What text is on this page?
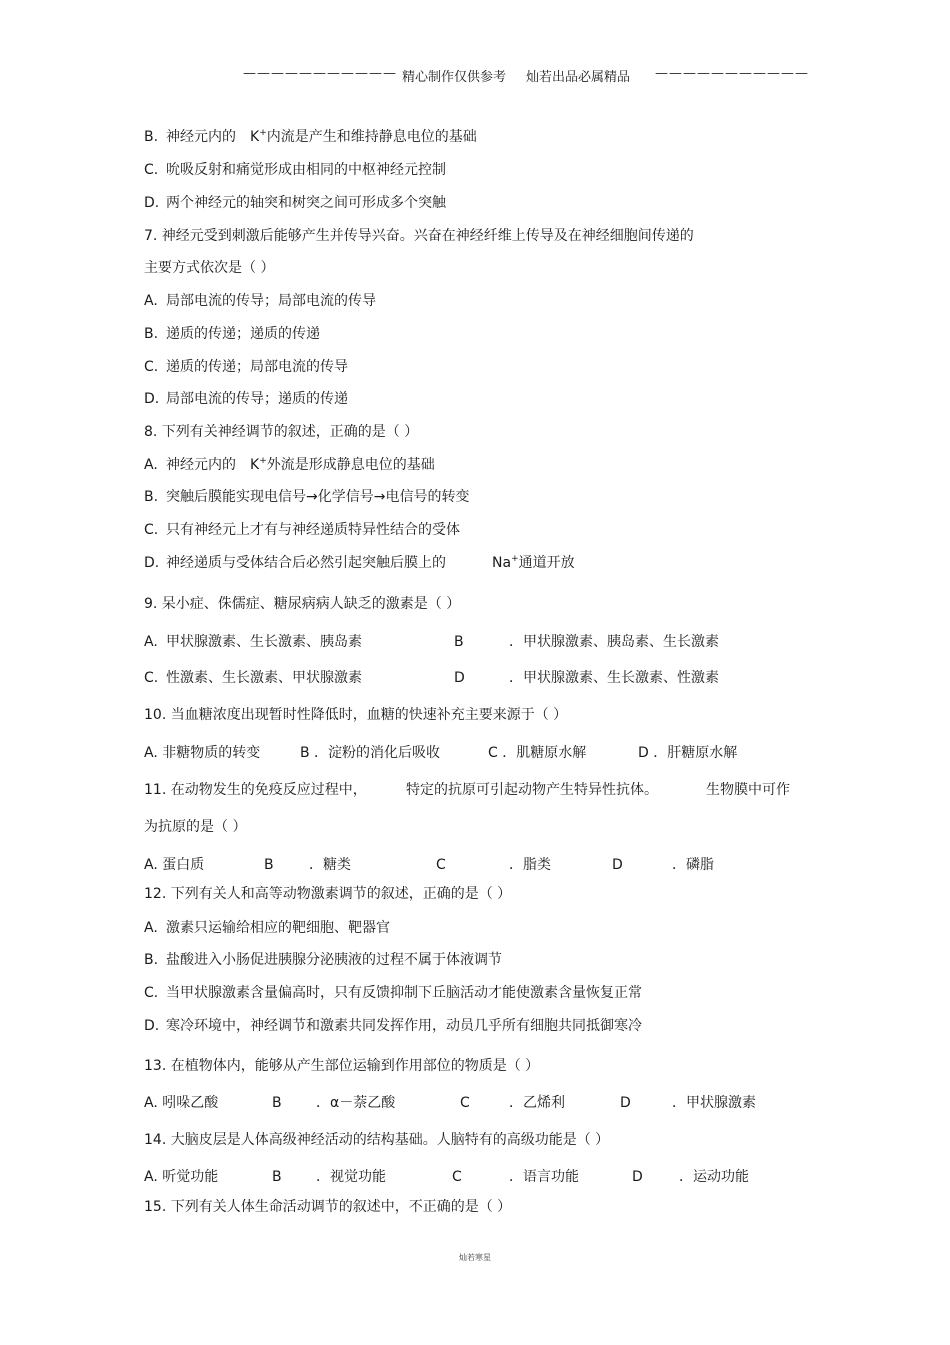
——————————— 精心制作仅供参考 灿若出品必属精品 ———————————
B. 神经元内的 K+内流是产生和维持静息电位的基础
C. 吮吸反射和痛觉形成由相同的中枢神经元控制
D. 两个神经元的轴突和树突之间可形成多个突触
7. 神经元受到刺激后能够产生并传导兴奋。兴奋在神经纤维上传导及在神经细胞间传递的
主要方式依次是（ ）
A. 局部电流的传导；局部电流的传导
B. 递质的传递；递质的传递
C. 递质的传递；局部电流的传导
D. 局部电流的传导；递质的传递
8. 下列有关神经调节的叙述，正确的是（ ）
A. 神经元内的 K+外流是形成静息电位的基础
B. 突触后膜能实现电信号→化学信号→电信号的转变
C. 只有神经元上才有与神经递质特异性结合的受体
D. 神经递质与受体结合后必然引起突触后膜上的	Na+通道开放
9. 呆小症、侏儒症、糖尿病病人缺乏的激素是（ ）
A. 甲状腺激素、生长激素、胰岛素	B	．甲状腺激素、胰岛素、生长激素
C. 性激素、生长激素、甲状腺激素	D	．甲状腺激素、生长激素、性激素
10. 当血糖浓度出现暂时性降低时，血糖的快速补充主要来源于（ ）
A. 非糖物质的转变	B ．淀粉的消化后吸收	C ．肌糖原水解	D ．肝糖原水解
11. 在动物发生的免疫反应过程中，	特定的抗原可引起动物产生特异性抗体。	生物膜中可作
为抗原的是（ ）
A. 蛋白质	B	．糖类	C	．脂类	D	．磷脂
12. 下列有关人和高等动物激素调节的叙述，正确的是（ ）
A. 激素只运输给相应的靶细胞、靶器官
B. 盐酸进入小肠促进胰腺分泌胰液的过程不属于体液调节
C. 当甲状腺激素含量偏高时，只有反馈抑制下丘脑活动才能使激素含量恢复正常
D. 寒冷环境中，神经调节和激素共同发挥作用，动员几乎所有细胞共同抵御寒冷
13. 在植物体内，能够从产生部位运输到作用部位的物质是（ ）
A. 吲哚乙酸	B ．α－萘乙酸	C	．乙烯利	D	．甲状腺激素
14. 大脑皮层是人体高级神经活动的结构基础。人脑特有的高级功能是（ ）
A. 听觉功能	B ．视觉功能	C	．语言功能	D	．运动功能
15. 下列有关人体生命活动调节的叙述中，不正确的是（ ）
灿若寒星
